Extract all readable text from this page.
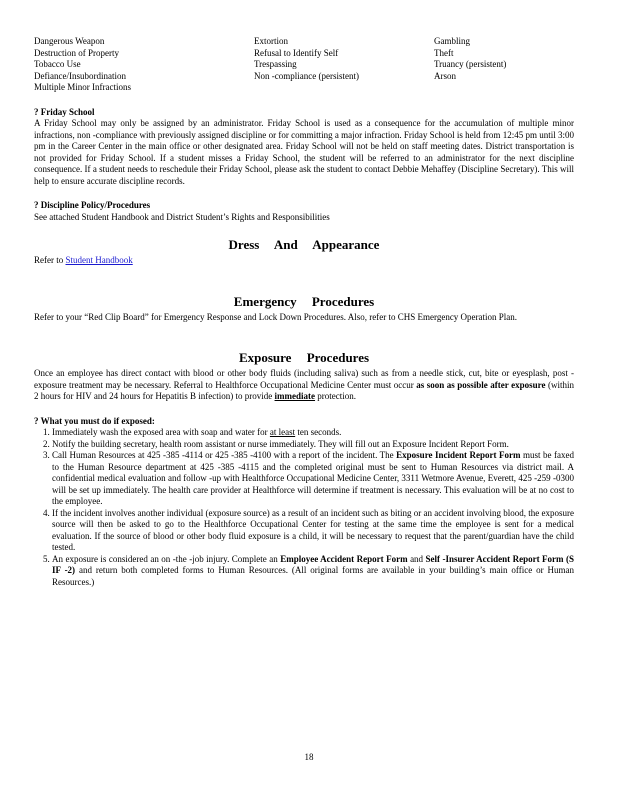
Dangerous Weapon	Extortion	Gambling
Destruction of Property	Refusal to Identify Self	Theft
Tobacco Use	Trespassing	Truancy (persistent)
Defiance/Insubordination	Non -compliance (persistent)	Arson
Multiple Minor Infractions
? Friday School
A Friday School may only be assigned by an administrator. Friday School is used as a consequence for the accumulation of multiple minor infractions, non -compliance with previously assigned discipline or for committing a major infraction. Friday School is held from 12:45 pm until 3:00 pm in the Career Center in the main office or other designated area. Friday School will not be held on staff meeting dates. District transportation is not provided for Friday School. If a student misses a Friday School, the student will be referred to an administrator for the next discipline consequence. If a student needs to reschedule their Friday School, please ask the student to contact Debbie Mehaffey (Discipline Secretary). This will help to ensure accurate discipline records.
? Discipline Policy/Procedures
See attached Student Handbook and District Student’s Rights and Responsibilities
Dress And Appearance
Refer to Student Handbook
Emergency Procedures
Refer to your “Red Clip Board” for Emergency Response and Lock Down Procedures. Also, refer to CHS Emergency Operation Plan.
Exposure Procedures
Once an employee has direct contact with blood or other body fluids (including saliva) such as from a needle stick, cut, bite or eyesplash, post -exposure treatment may be necessary. Referral to Healthforce Occupational Medicine Center must occur as soon as possible after exposure (within 2 hours for HIV and 24 hours for Hepatitis B infection) to provide immediate protection.
? What you must do if exposed:
1. Immediately wash the exposed area with soap and water for at least ten seconds.
2. Notify the building secretary, health room assistant or nurse immediately. They will fill out an Exposure Incident Report Form.
3. Call Human Resources at 425 -385 -4114 or 425 -385 -4100 with a report of the incident. The Exposure Incident Report Form must be faxed to the Human Resource department at 425 -385 -4115 and the completed original must be sent to Human Resources via district mail. A confidential medical evaluation and follow -up with Healthforce Occupational Medicine Center, 3311 Wetmore Avenue, Everett, 425 -259 -0300 will be set up immediately. The health care provider at Healthforce will determine if treatment is necessary. This evaluation will be at no cost to the employee.
4. If the incident involves another individual (exposure source) as a result of an incident such as biting or an accident involving blood, the exposure source will then be asked to go to the Healthforce Occupational Center for testing at the same time the employee is sent for a medical evaluation. If the source of blood or other body fluid exposure is a child, it will be necessary to request that the parent/guardian have the child tested.
5. An exposure is considered an on -the -job injury. Complete an Employee Accident Report Form and Self -Insurer Accident Report Form (S IF -2) and return both completed forms to Human Resources. (All original forms are available in your building’s main office or Human Resources.)
18
